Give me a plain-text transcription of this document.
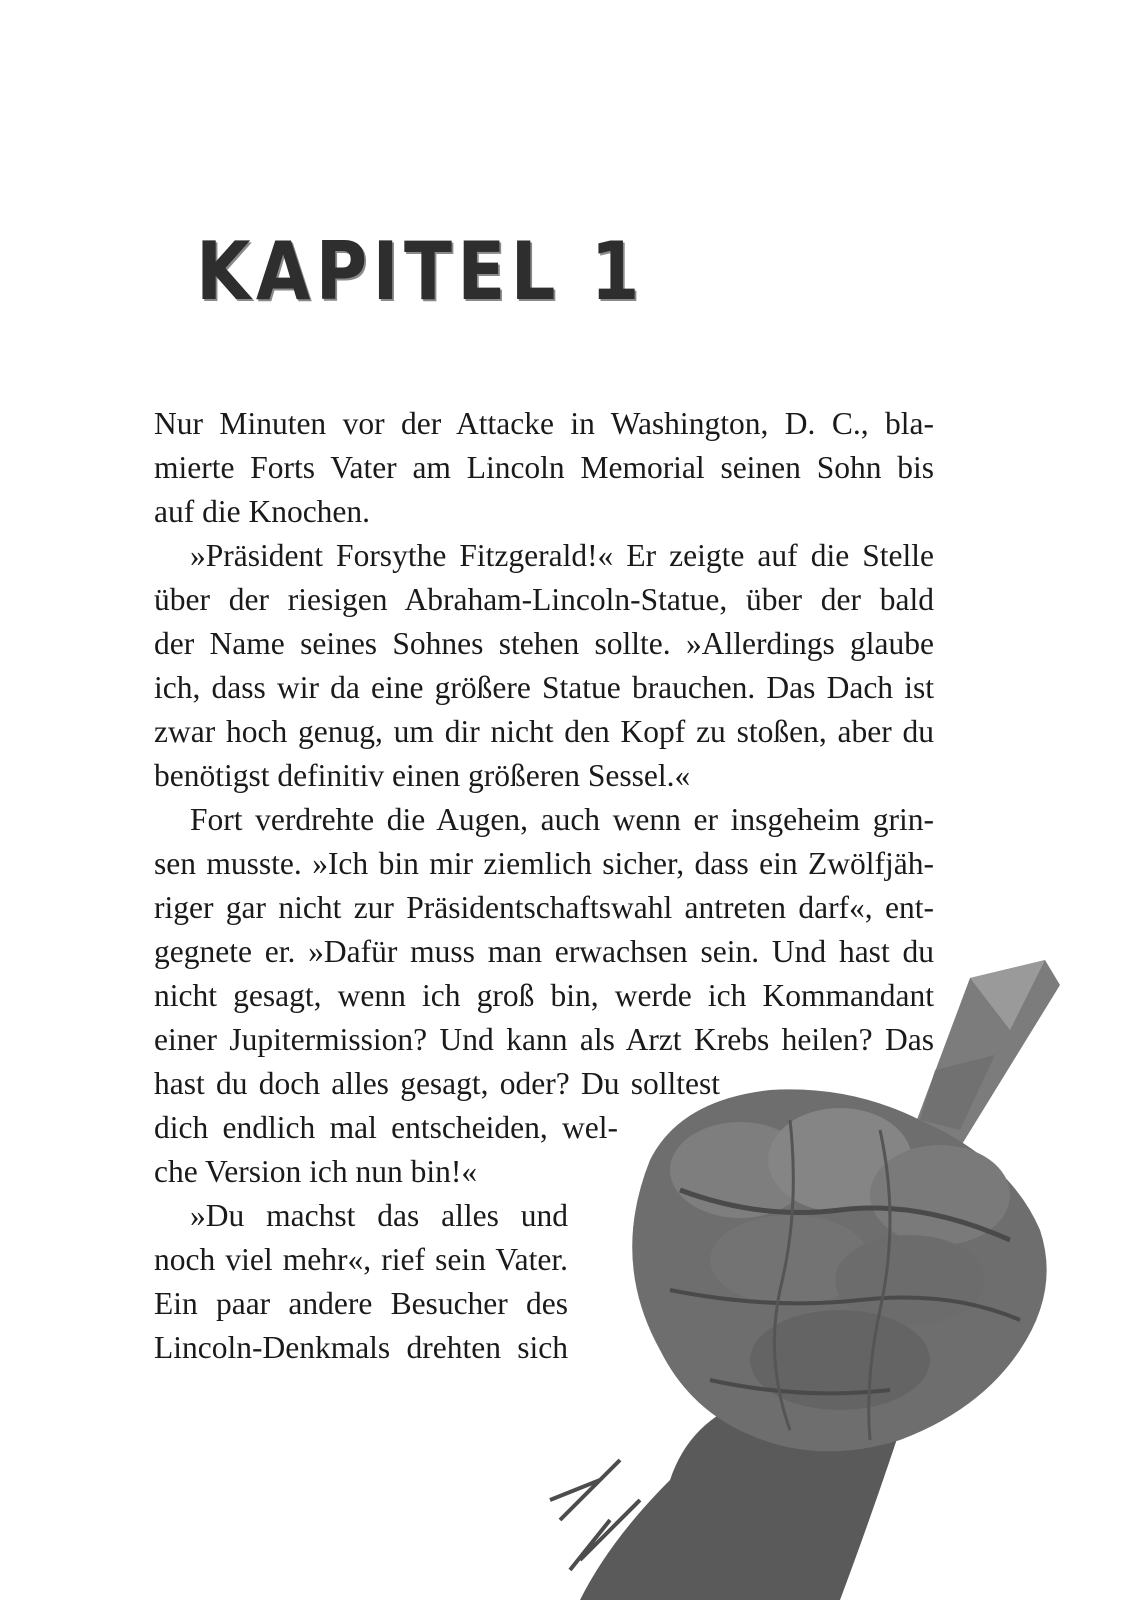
KAPITEL 1
Nur Minuten vor der Attacke in Washington, D. C., bla-
mierte Forts Vater am Lincoln Memorial seinen Sohn bis
auf die Knochen.
»Präsident Forsythe Fitzgerald!« Er zeigte auf die Stelle
über der riesigen Abraham-Lincoln-Statue, über der bald
der Name seines Sohnes stehen sollte. »Allerdings glaube
ich, dass wir da eine größere Statue brauchen. Das Dach ist
zwar hoch genug, um dir nicht den Kopf zu stoßen, aber du
benötigst definitiv einen größeren Sessel.«
Fort verdrehte die Augen, auch wenn er insgeheim grin-
sen musste. »Ich bin mir ziemlich sicher, dass ein Zwölfjäh-
riger gar nicht zur Präsidentschaftswahl antreten darf«, ent-
gegnete er. »Dafür muss man erwachsen sein. Und hast du
nicht gesagt, wenn ich groß bin, werde ich Kommandant
einer Jupitermission? Und kann als Arzt Krebs heilen? Das
hast du doch alles gesagt, oder? Du solltest
dich endlich mal entscheiden, wel-
che Version ich nun bin!«
»Du machst das alles und
noch viel mehr«, rief sein Vater.
Ein paar andere Besucher des
Lincoln-Denkmals drehten sich
